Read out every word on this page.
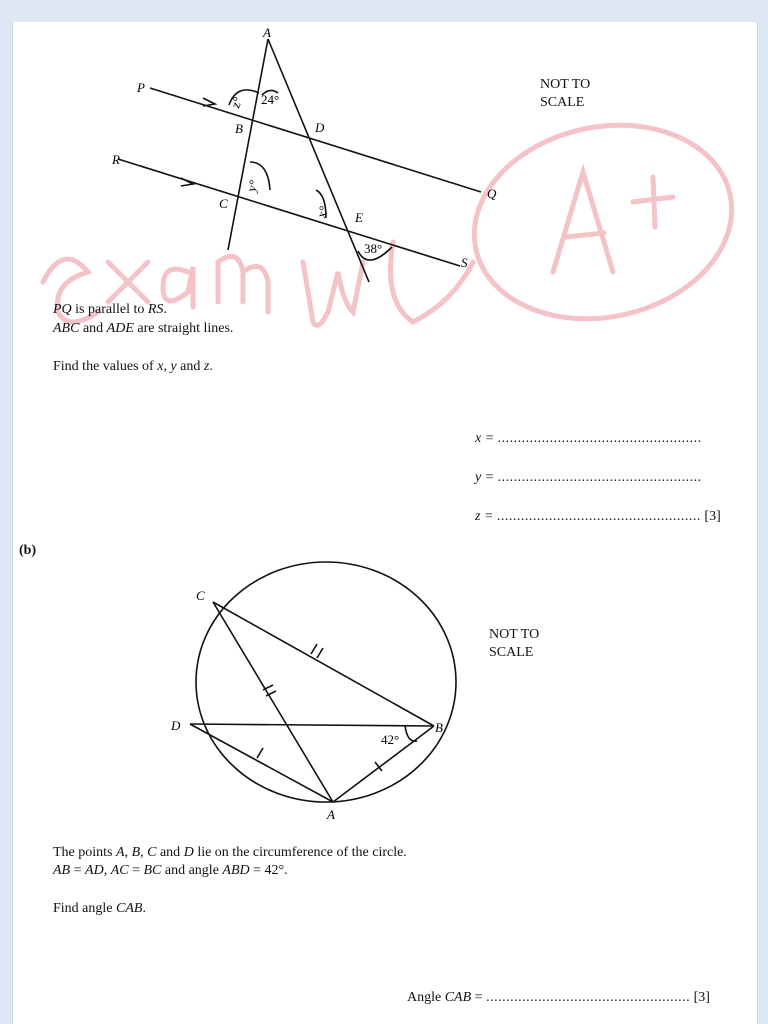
A
P
B	D
Q
R
C
E
S
z° 24°
y°
x°
38°
NOT TO
SCALE
PQ is parallel to RS.
ABC and ADE are straight lines.
Find the values of x, y and z.
x = ...................................................
y = ...................................................
z = ................................................... [3]
(b)
C
D	B
A
42°
NOT TO
SCALE
The points A, B, C and D lie on the circumference of the circle.
AB = AD, AC = BC and angle ABD = 42°.
Find angle CAB.
Angle CAB = ................................................... [3]
